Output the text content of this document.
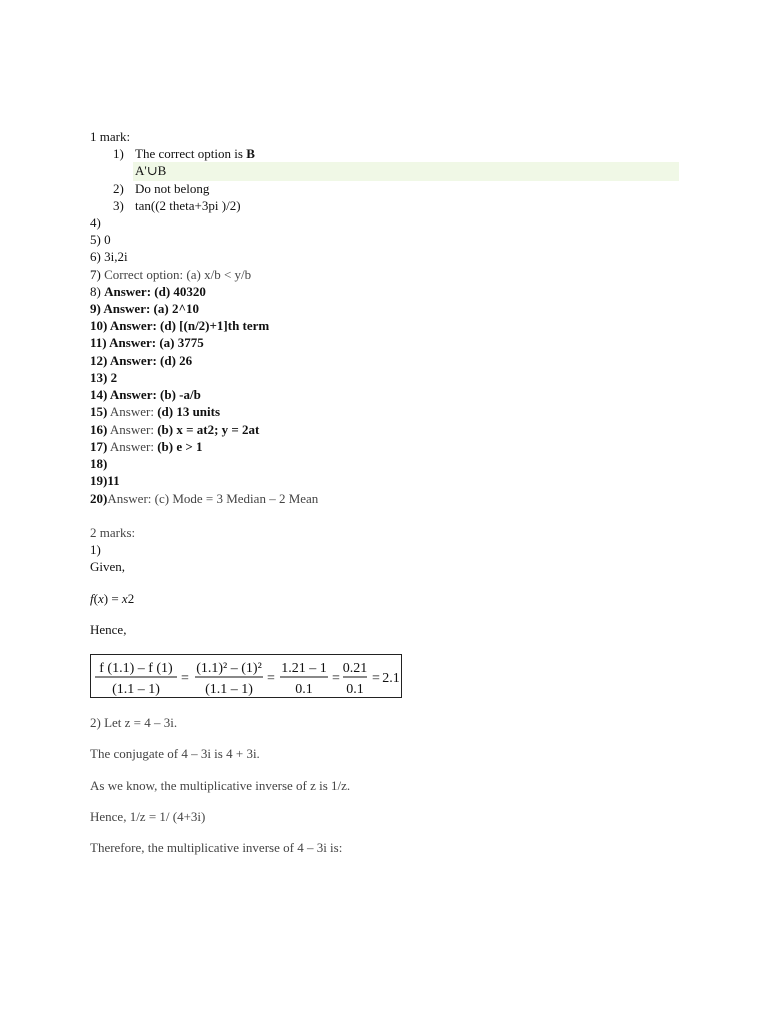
1 mark:
1) The correct option is B
A'∪B
2) Do not belong
3) tan((2 theta+3pi )/2)
4)
5) 0
6) 3i,2i
7) Correct option: (a) x/b < y/b
8) Answer: (d) 40320
9) Answer: (a) 2^10
10) Answer: (d) [(n/2)+1]th term
11) Answer: (a) 3775
12) Answer: (d) 26
13) 2
14) Answer: (b) -a/b
15) Answer: (d) 13 units
16) Answer: (b) x = at2; y = 2at
17) Answer: (b) e > 1
18)
19)11
20)Answer: (c) Mode = 3 Median – 2 Mean
2 marks:
1)
Given,
f(x) = x2
Hence,
f (1.1) – f (1)
(1.1 – 1)
=
(1.1)² – (1)²
(1.1 – 1)
=
1.21 – 1
0.1
=
0.21
0.1
= 2.1
2) Let z = 4 – 3i.
The conjugate of 4 – 3i is 4 + 3i.
As we know, the multiplicative inverse of z is 1/z.
Hence, 1/z = 1/ (4+3i)
Therefore, the multiplicative inverse of 4 – 3i is:
